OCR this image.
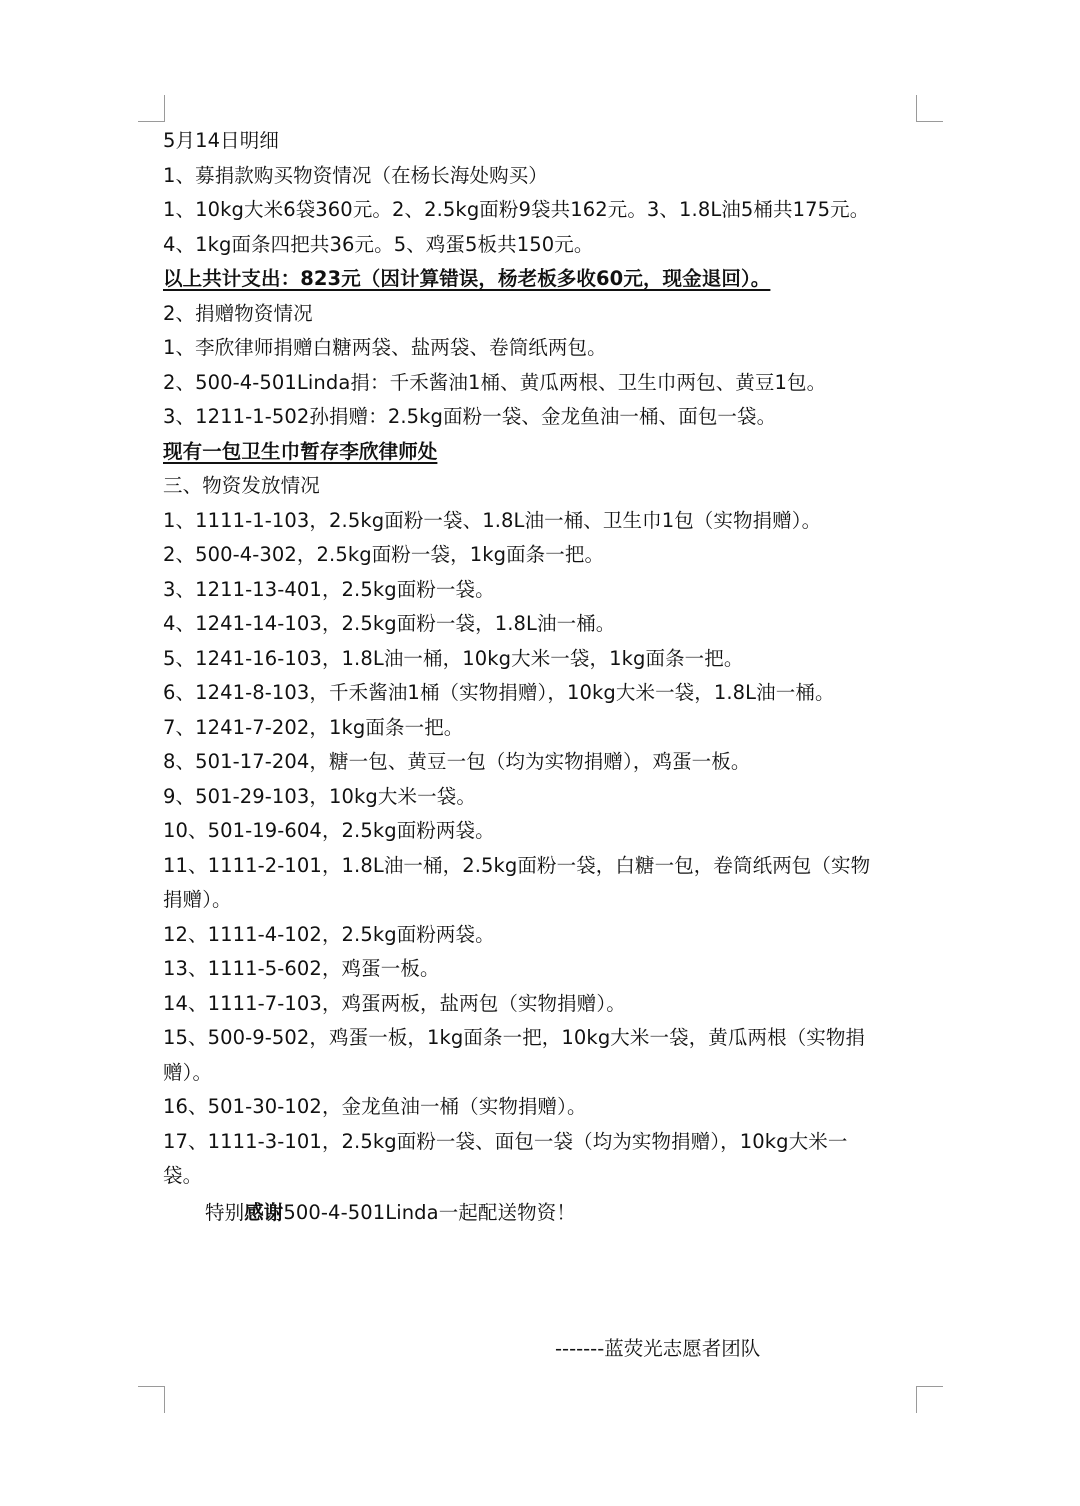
5月14日明细
1、募捐款购买物资情况（在杨长海处购买）
1、10kg大米6袋360元。2、2.5kg面粉9袋共162元。3、1.8L油5桶共175元。
4、1kg面条四把共36元。5、鸡蛋5板共150元。
以上共计支出：823元（因计算错误，杨老板多收60元，现金退回）。
2、捐赠物资情况
1、李欣律师捐赠白糖两袋、盐两袋、卷筒纸两包。
2、500-4-501Linda捐：千禾酱油1桶、黄瓜两根、卫生巾两包、黄豆1包。
3、1211-1-502孙捐赠：2.5kg面粉一袋、金龙鱼油一桶、面包一袋。
现有一包卫生巾暂存李欣律师处
三、物资发放情况
1、1111-1-103，2.5kg面粉一袋、1.8L油一桶、卫生巾1包（实物捐赠）。
2、500-4-302，2.5kg面粉一袋，1kg面条一把。
3、1211-13-401，2.5kg面粉一袋。
4、1241-14-103，2.5kg面粉一袋，1.8L油一桶。
5、1241-16-103，1.8L油一桶，10kg大米一袋，1kg面条一把。
6、1241-8-103，千禾酱油1桶（实物捐赠），10kg大米一袋，1.8L油一桶。
7、1241-7-202，1kg面条一把。
8、501-17-204，糖一包、黄豆一包（均为实物捐赠），鸡蛋一板。
9、501-29-103，10kg大米一袋。
10、501-19-604，2.5kg面粉两袋。
11、1111-2-101，1.8L油一桶，2.5kg面粉一袋，白糖一包，卷筒纸两包（实物
捐赠）。
12、1111-4-102，2.5kg面粉两袋。
13、1111-5-602，鸡蛋一板。
14、1111-7-103，鸡蛋两板，盐两包（实物捐赠）。
15、500-9-502，鸡蛋一板，1kg面条一把，10kg大米一袋，黄瓜两根（实物捐
赠）。
16、501-30-102，金龙鱼油一桶（实物捐赠）。
17、1111-3-101，2.5kg面粉一袋、面包一袋（均为实物捐赠），10kg大米一
袋。
特别感谢500-4-501Linda一起配送物资！
-------蓝荧光志愿者团队
